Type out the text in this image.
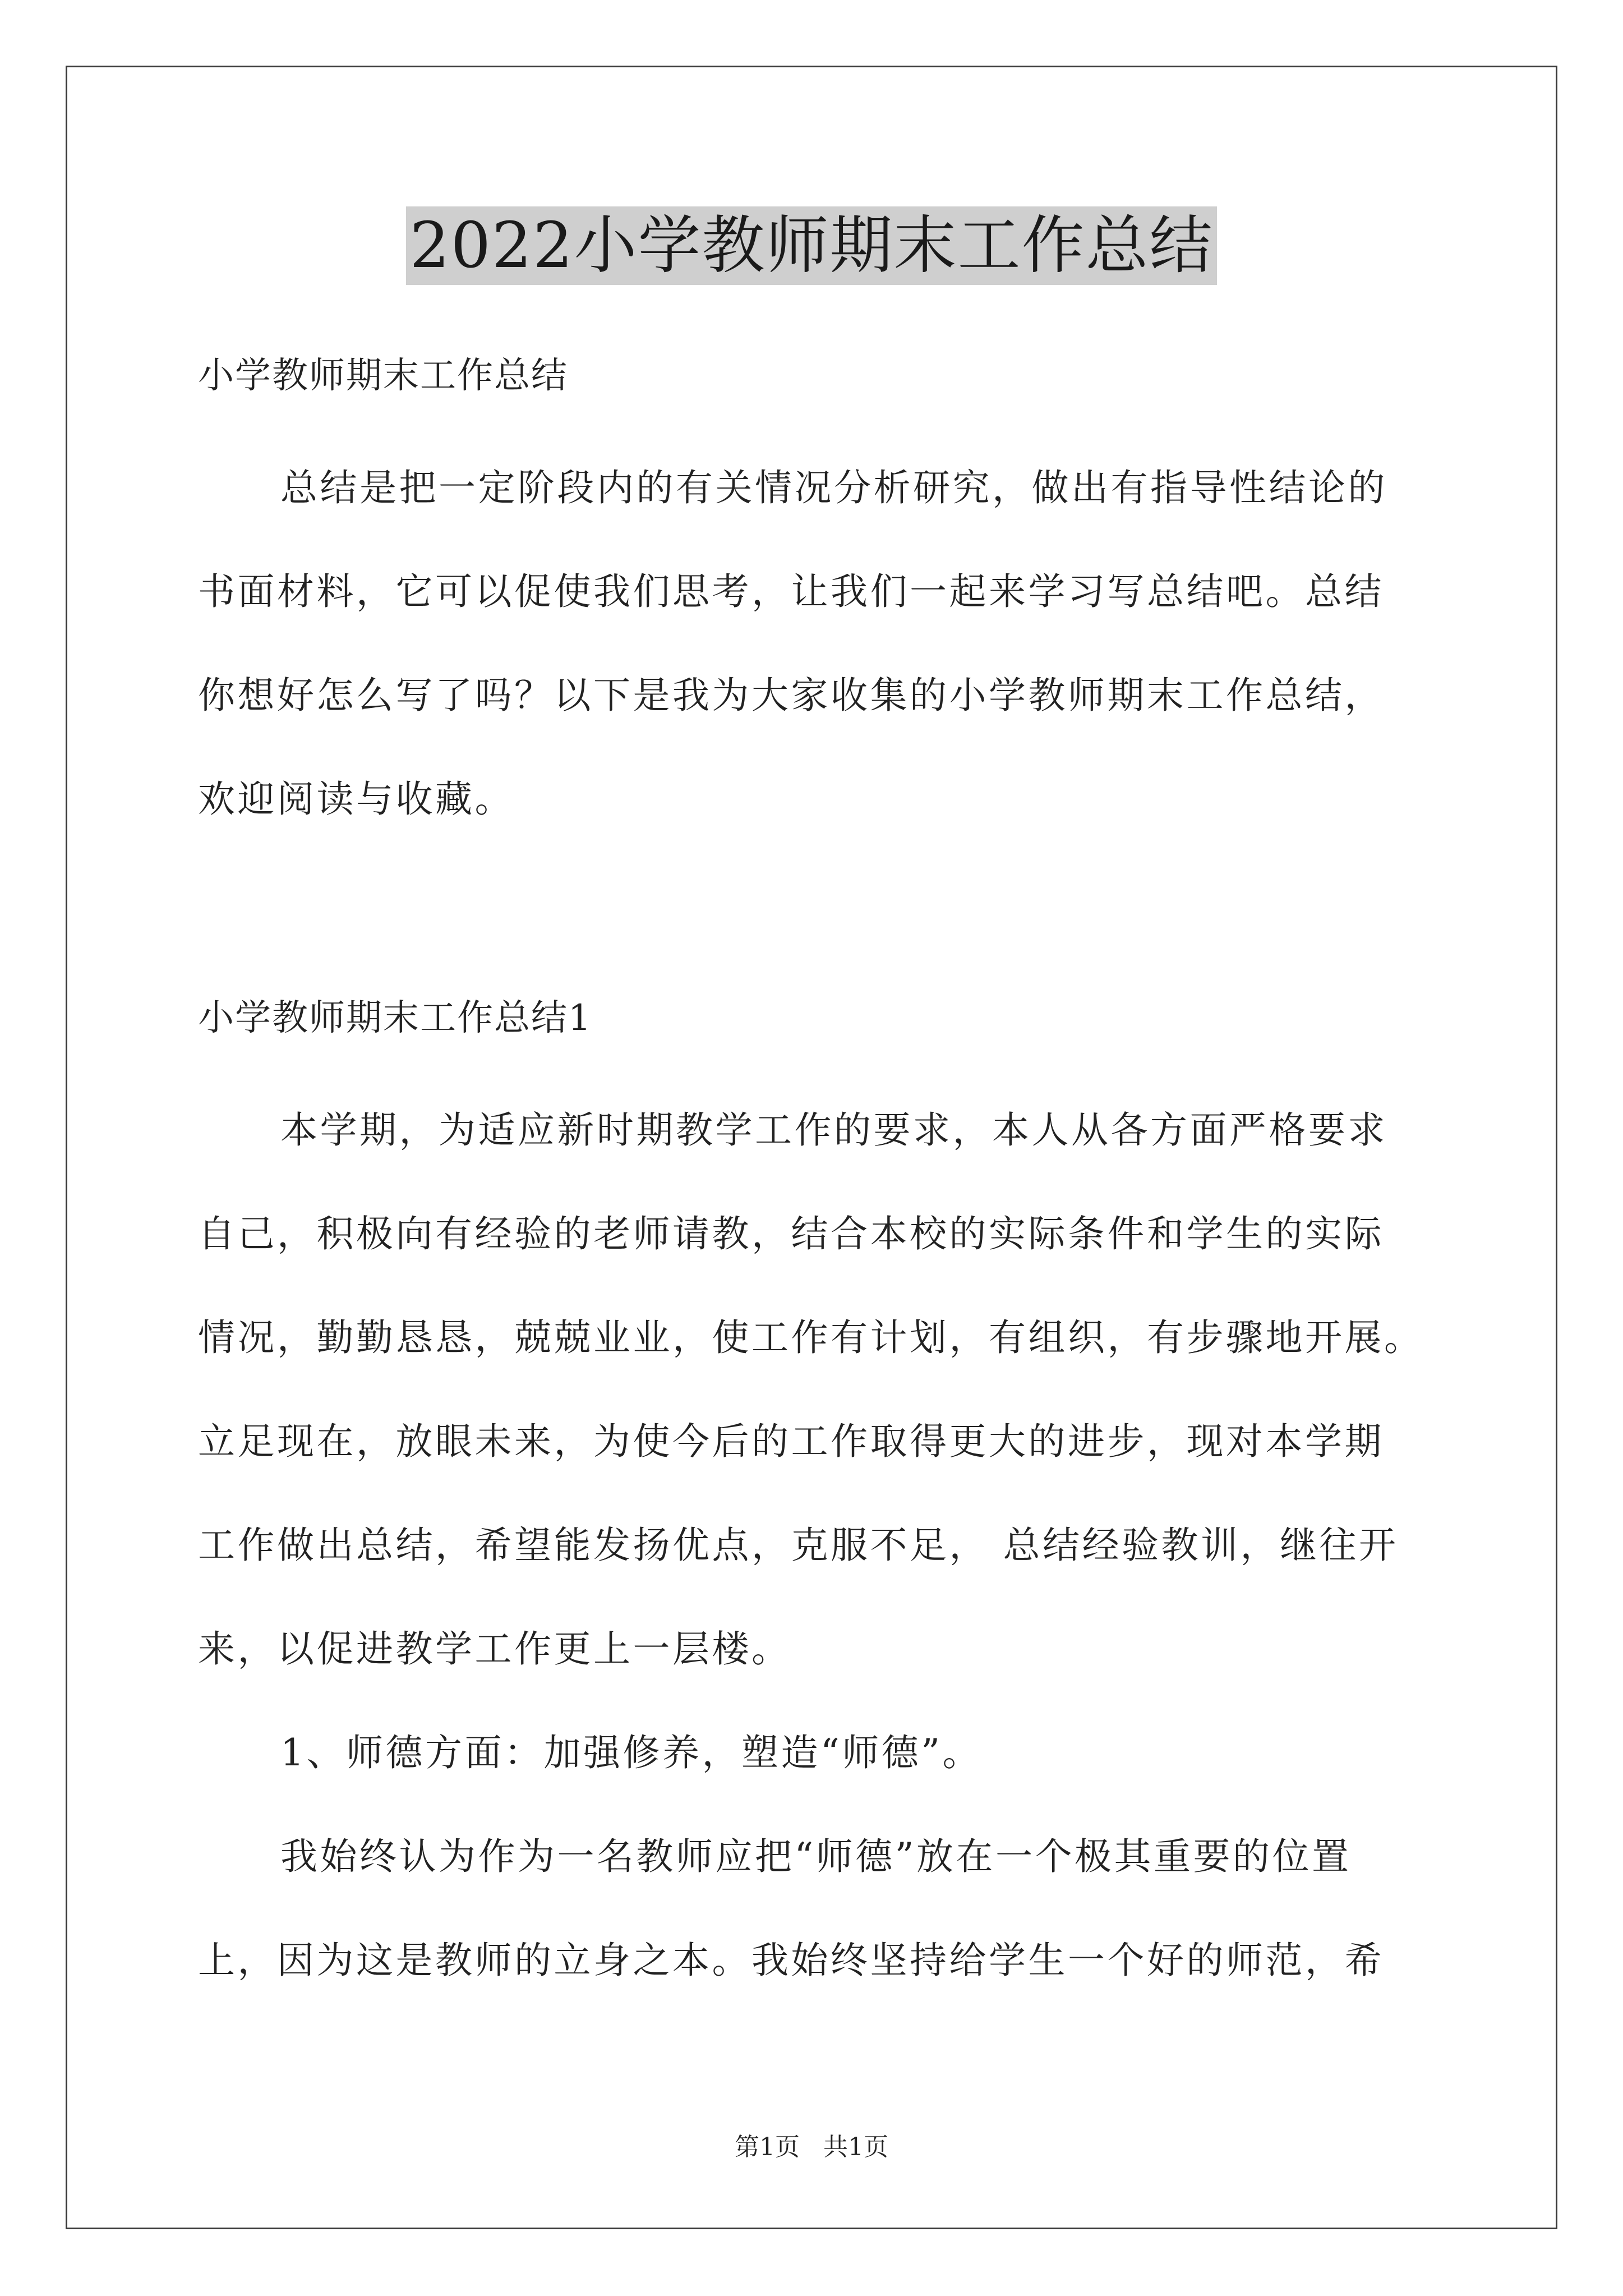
2022小学教师期末工作总结
小学教师期末工作总结
总结是把一定阶段内的有关情况分析研究，做出有指导性结论的
书面材料，它可以促使我们思考，让我们一起来学习写总结吧。总结
你想好怎么写了吗？以下是我为大家收集的小学教师期末工作总结，
欢迎阅读与收藏。
小学教师期末工作总结1
本学期，为适应新时期教学工作的要求，本人从各方面严格要求
自己，积极向有经验的老师请教，结合本校的实际条件和学生的实际
情况，勤勤恳恳，兢兢业业，使工作有计划，有组织，有步骤地开展。
立足现在，放眼未来，为使今后的工作取得更大的进步，现对本学期
工作做出总结，希望能发扬优点，克服不足， 总结经验教训，继往开
来，以促进教学工作更上一层楼。
1、师德方面：加强修养，塑造“师德”。
我始终认为作为一名教师应把“师德”放在一个极其重要的位置
上，因为这是教师的立身之本。我始终坚持给学生一个好的师范，希
第1页   共1页
